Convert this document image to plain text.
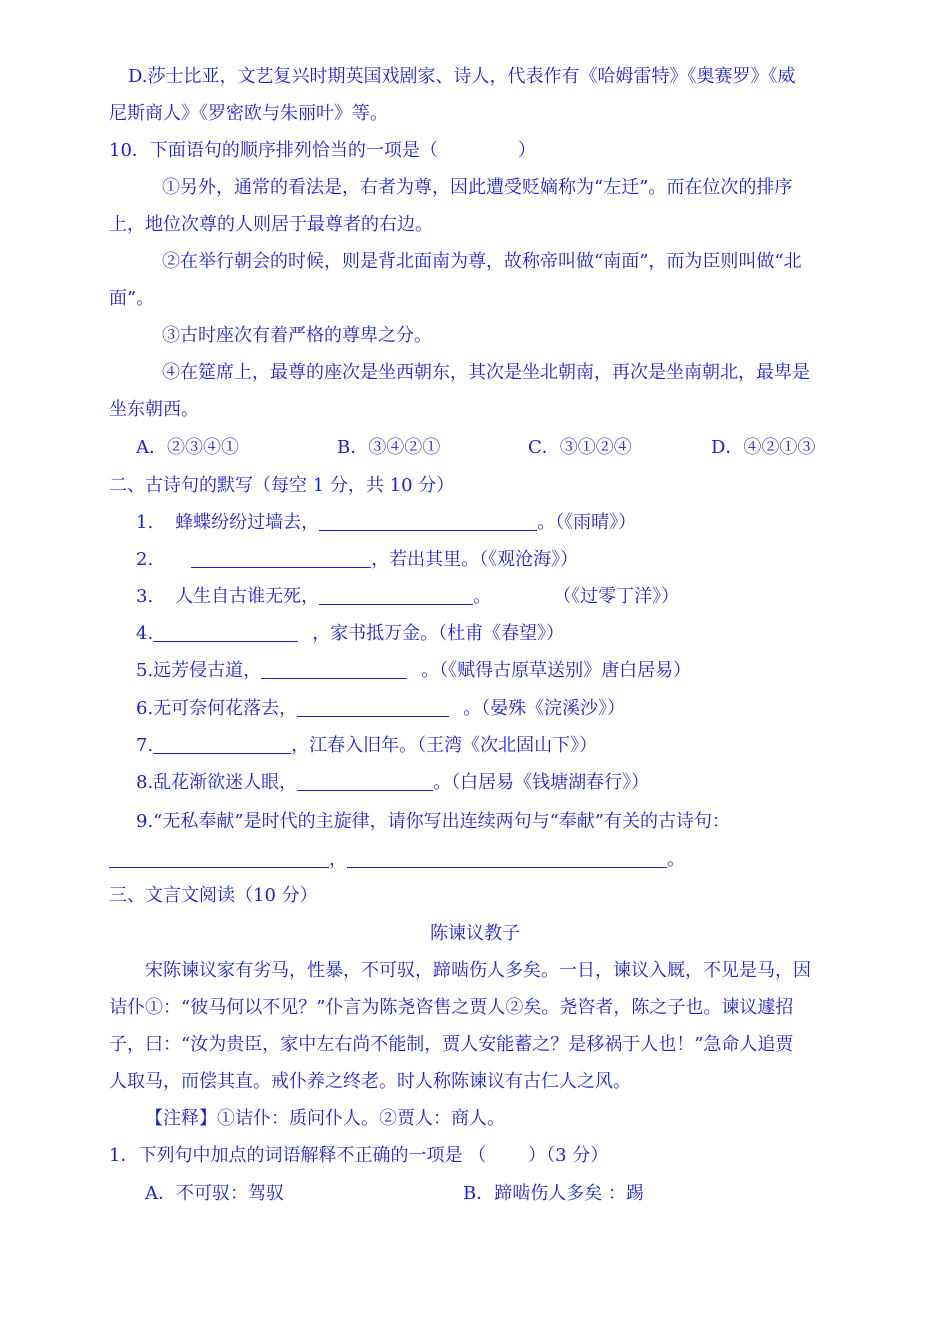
D.莎士比亚，文艺复兴时期英国戏剧家、诗人，代表作有《哈姆雷特》《奥赛罗》《威
尼斯商人》《罗密欧与朱丽叶》等。
10．下面语句的顺序排列恰当的一项是（	）
①另外，通常的看法是，右者为尊，因此遭受贬嫡称为“左迁”。而在位次的排序
上，地位次尊的人则居于最尊者的右边。
②在举行朝会的时候，则是背北面南为尊，故称帝叫做“南面”，而为臣则叫做“北
面”。
③古时座次有着严格的尊卑之分。
④在筵席上，最尊的座次是坐西朝东，其次是坐北朝南，再次是坐南朝北，最卑是
坐东朝西。
A．②③④①	B．③④②①	C．③①②④	D．④②①③
二、古诗句的默写（每空 1 分，共 10 分）
1. 蜂蝶纷纷过墙去，	。（《雨晴》）
2.	，若出其里。（《观沧海》）
3. 人生自古谁无死，	。	（《过零丁洋》）
4.	，家书抵万金。（杜甫《春望》）
5.远芳侵古道，	。（《赋得古原草送别》唐白居易）
6.无可奈何花落去，	。（晏殊《浣溪沙》）
7.	，江春入旧年。（王湾《次北固山下》）
8.乱花渐欲迷人眼，	。（白居易《钱塘湖春行》）
9.“无私奉献”是时代的主旋律，请你写出连续两句与“奉献”有关的古诗句：
，	。
三、文言文阅读（10 分）
陈谏议教子
宋陈谏议家有劣马，性暴，不可驭，蹄啮伤人多矣。一日，谏议入厩，不见是马，因
诘仆①：“彼马何以不见？”仆言为陈尧咨售之贾人②矣。尧咨者，陈之子也。谏议遽招
子，曰：“汝为贵臣，家中左右尚不能制，贾人安能蓄之？是移祸于人也！”急命人追贾
人取马，而偿其直。戒仆养之终老。时人称陈谏议有古仁人之风。
【注释】①诘仆：质问仆人。②贾人：商人。
1．下列句中加点的词语解释不正确的一项是 （ ）（3 分）
A．不可驭：驾驭	B．蹄啮伤人多矣 ：踢
